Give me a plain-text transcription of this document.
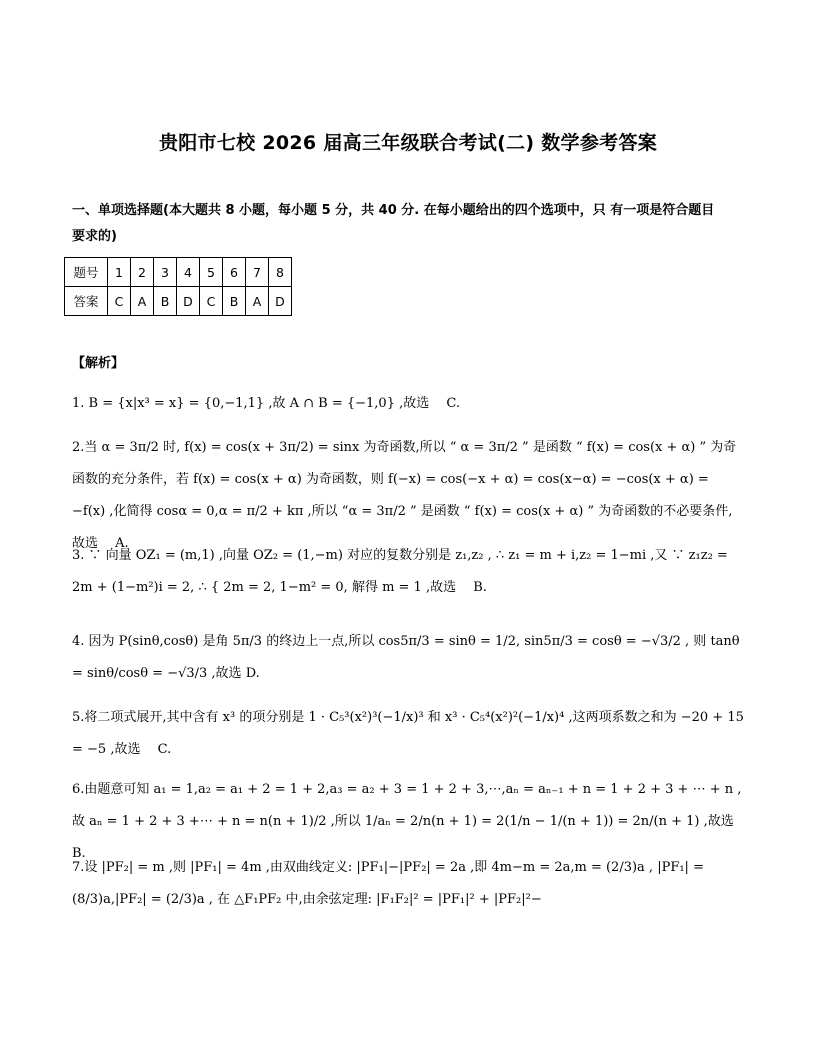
贵阳市七校 2026 届高三年级联合考试(二) 数学参考答案
一、单项选择题(本大题共 8 小题，每小题 5 分，共 40 分. 在每小题给出的四个选项中，只 有一项是符合题目
要求的)
题号	1	2	3	4	5	6	7	8
答案	C	A	B	D	C	B	A	D
【解析】
1. B = {x|x³ = x} = {0,−1,1} ,故 A ∩ B = {−1,0} ,故选　 C.
2.当 α = 3π/2 时, f(x) = cos(x + 3π/2) = sinx 为奇函数,所以 “ α = 3π/2 ” 是函数 “ f(x) = cos(x + α) ” 为奇函数的充分条件，若 f(x) = cos(x + α) 为奇函数，则 f(−x) = cos(−x + α) = cos(x−α) = −cos(x + α) = −f(x) ,化简得 cosα = 0,α = π/2 + kπ ,所以 “α = 3π/2 ” 是函数 “ f(x) = cos(x + α) ” 为奇函数的不必要条件,故选　 A.
3. ∵ 向量 OZ₁ = (m,1) ,向量 OZ₂ = (1,−m) 对应的复数分别是 z₁,z₂ , ∴ z₁ = m + i,z₂ = 1−mi ,又 ∵ z₁z₂ = 2m + (1−m²)i = 2, ∴ { 2m = 2, 1−m² = 0, 解得 m = 1 ,故选　 B.
4. 因为 P(sinθ,cosθ) 是角 5π/3 的终边上一点,所以 cos5π/3 = sinθ = 1/2, sin5π/3 = cosθ = −√3/2 , 则 tanθ = sinθ/cosθ = −√3/3 ,故选 D.
5.将二项式展开,其中含有 x³ 的项分别是 1 · C₅³(x²)³(−1/x)³ 和 x³ · C₅⁴(x²)²(−1/x)⁴ ,这两项系数之和为 −20 + 15 = −5 ,故选　 C.
6.由题意可知 a₁ = 1,a₂ = a₁ + 2 = 1 + 2,a₃ = a₂ + 3 = 1 + 2 + 3,⋯,aₙ = aₙ₋₁ + n = 1 + 2 + 3 + ⋯ + n ,故 aₙ = 1 + 2 + 3 +⋯ + n = n(n + 1)/2 ,所以 1/aₙ = 2/n(n + 1) = 2(1/n − 1/(n + 1)) = 2n/(n + 1) ,故选　 B.
7.设 |PF₂| = m ,则 |PF₁| = 4m ,由双曲线定义: |PF₁|−|PF₂| = 2a ,即 4m−m = 2a,m = (2/3)a , |PF₁| = (8/3)a,|PF₂| = (2/3)a , 在 △F₁PF₂ 中,由余弦定理: |F₁F₂|² = |PF₁|² + |PF₂|²−
